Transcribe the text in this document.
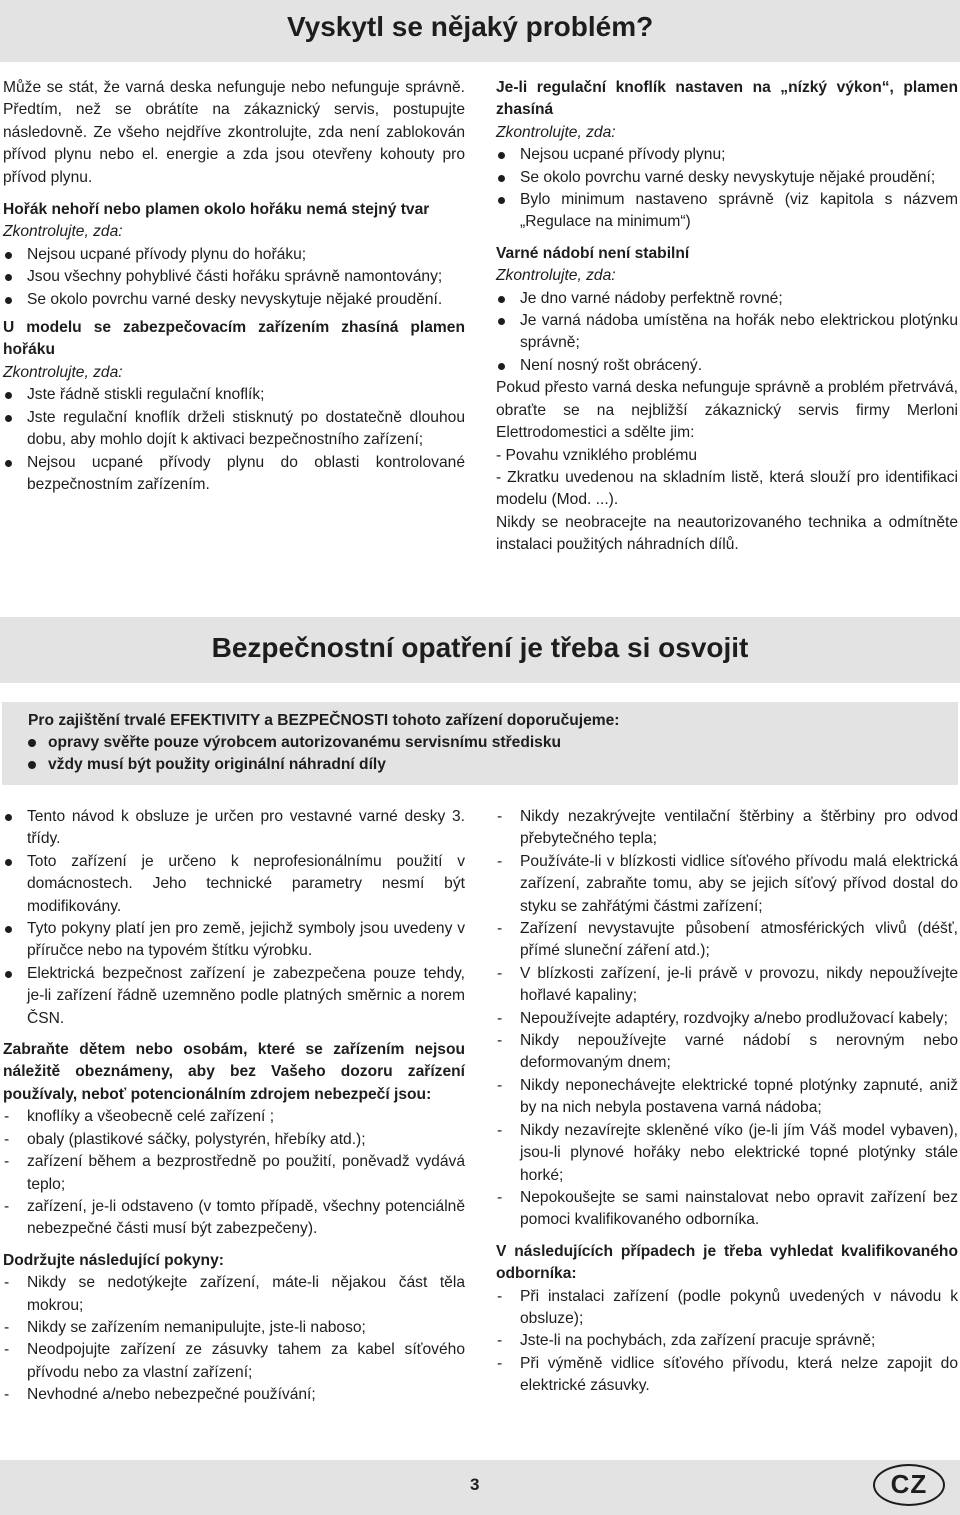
Vyskytl se nějaký problém?

Může se stát, že varná deska nefunguje nebo nefunguje správně. Předtím, než se obrátíte na zákaznický servis, postupujte následovně. Ze všeho nejdříve zkontrolujte, zda není zablokován přívod plynu nebo el. energie a zda jsou otevřeny kohouty pro přívod plynu.

Hořák nehoří nebo plamen okolo hořáku nemá stejný tvar

Zkontrolujte, zda:

Nejsou ucpané přívody plynu do hořáku;
Jsou všechny pohyblivé části hořáku správně namontovány;
Se okolo povrchu varné desky nevyskytuje nějaké proudění.

U modelu se zabezpečovacím zařízením zhasíná plamen hořáku

Zkontrolujte, zda:

Jste řádně stiskli regulační knoflík;
Jste regulační knoflík drželi stisknutý po dostatečně dlouhou dobu, aby mohlo dojít k aktivaci bezpečnostního zařízení;
Nejsou ucpané přívody plynu do oblasti kontrolované bezpečnostním zařízením.

Je-li regulační knoflík nastaven na „nízký výkon“, plamen zhasíná

Zkontrolujte, zda:

Nejsou ucpané přívody plynu;
Se okolo povrchu varné desky nevyskytuje nějaké proudění;
Bylo minimum nastaveno správně (viz kapitola s názvem „Regulace na minimum“)

Varné nádobí není stabilní

Zkontrolujte, zda:

Je dno varné nádoby perfektně rovné;
Je varná nádoba umístěna na hořák nebo elektrickou plotýnku správně;
Není nosný rošt obrácený.

Pokud přesto varná deska nefunguje správně a problém přetrvává, obraťte se na nejbližší zákaznický servis firmy Merloni Elettrodomestici a sdělte jim:

- Povahu vzniklého problému

- Zkratku uvedenou na skladním listě, která slouží pro identifikaci modelu (Mod. ...).

Nikdy se neobracejte na neautorizovaného technika a odmítněte instalaci použitých náhradních dílů.

Bezpečnostní opatření je třeba si osvojit

Pro zajištění trvalé EFEKTIVITY a BEZPEČNOSTI tohoto zařízení doporučujeme:

opravy svěřte pouze výrobcem autorizovanému servisnímu středisku
vždy musí být použity originální náhradní díly
Tento návod k obsluze je určen pro vestavné varné desky 3. třídy.
Toto zařízení je určeno k neprofesionálnímu použití v domácnostech. Jeho technické parametry nesmí být modifikovány.
Tyto pokyny platí jen pro země, jejichž symboly jsou uvedeny v příručce nebo na typovém štítku výrobku.
Elektrická bezpečnost zařízení je zabezpečena pouze tehdy, je-li zařízení řádně uzemněno podle platných směrnic a norem ČSN.

Zabraňte dětem nebo osobám, které se zařízením nejsou náležitě obeznámeny, aby bez Vašeho dozoru zařízení používaly, neboť potencionálním zdrojem nebezpečí jsou:

- knoflíky a všeobecně celé zařízení ;
- obaly (plastikové sáčky, polystyrén, hřebíky atd.);
- zařízení během a bezprostředně po použití, poněvadž vydává teplo;
- zařízení, je-li odstaveno (v tomto případě, všechny potenciálně nebezpečné části musí být zabezpečeny).

Dodržujte následující pokyny:

- Nikdy se nedotýkejte zařízení, máte-li nějakou část těla mokrou;
- Nikdy se zařízením nemanipulujte, jste-li naboso;
- Neodpojujte zařízení ze zásuvky tahem za kabel síťového přívodu nebo za vlastní zařízení;
- Nevhodné a/nebo nebezpečné používání;
- Nikdy nezakrývejte ventilační štěrbiny a štěrbiny pro odvod přebytečného tepla;
- Používáte-li v blízkosti vidlice síťového přívodu malá elektrická zařízení, zabraňte tomu, aby se jejich síťový přívod dostal do styku se zahřátými částmi zařízení;
- Zařízení nevystavujte působení atmosférických vlivů (déšť, přímé sluneční záření atd.);
- V blízkosti zařízení, je-li právě v provozu, nikdy nepoužívejte hořlavé kapaliny;
- Nepoužívejte adaptéry, rozdvojky a/nebo prodlužovací kabely;
- Nikdy nepoužívejte varné nádobí s nerovným nebo deformovaným dnem;
- Nikdy neponechávejte elektrické topné plotýnky zapnuté, aniž by na nich nebyla postavena varná nádoba;
- Nikdy nezavírejte skleněné víko (je-li jím Váš model vybaven), jsou-li plynové hořáky nebo elektrické topné plotýnky stále horké;
- Nepokoušejte se sami nainstalovat nebo opravit zařízení bez pomoci kvalifikovaného odborníka.

V následujících případech je třeba vyhledat kvalifikovaného odborníka:

- Při instalaci zařízení (podle pokynů uvedených v návodu k obsluze);
- Jste-li na pochybách, zda zařízení pracuje správně;
- Při výměně vidlice síťového přívodu, která nelze zapojit do elektrické zásuvky.
3	CZ
